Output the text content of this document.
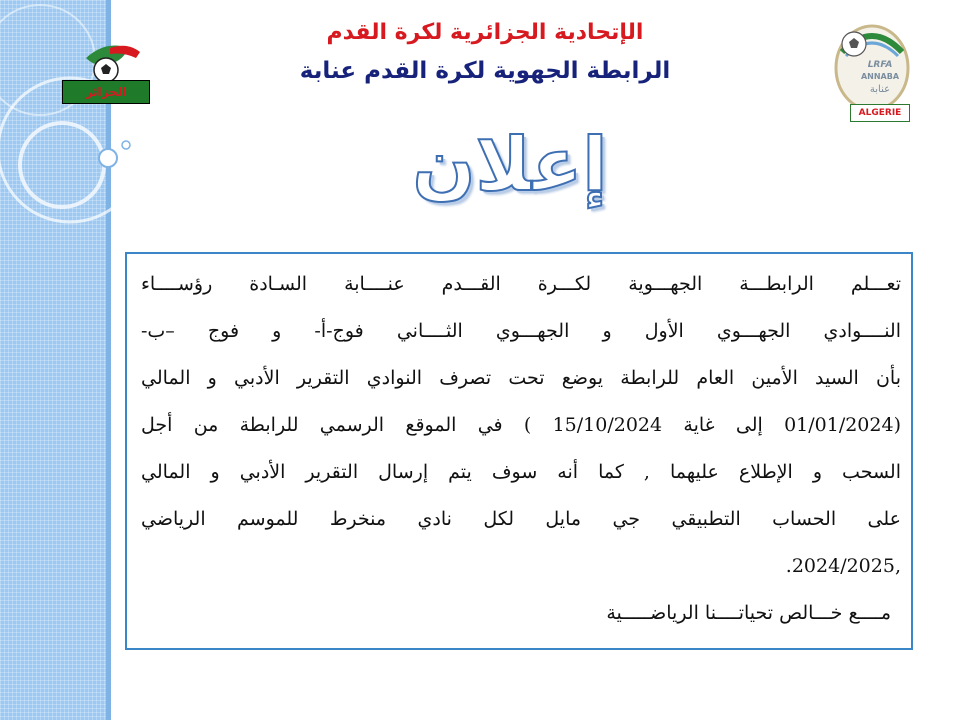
الإتحادية الجزائرية لكرة القدم
الرابطة الجهوية لكرة القدم عنابة
الجزائر
LRFA
ANNABA
عنابة
ALGERIE
إعلان
تعـــلم الرابطـــة الجهـــوية لكـــرة القـــدم عنــــابة السـادة رؤســــاء
النــــوادي الجهـــوي الأول و الجهـــوي الثــــاني فوج-أ- و فوج –ب-
بأن السيد الأمين العام للرابطة يوضع تحت تصرف النوادي التقرير الأدبي و المالي
(01/01/2024 إلى غاية 15/10/2024 ) في الموقع الرسمي للرابطة من أجل
السحب و الإطلاع عليهما , كما أنه سوف يتم إرسال التقرير الأدبي و المالي
على الحساب التطبيقي جي مايل لكل نادي منخرط للموسم الرياضي
,2024/2025.
مــــع خـــالص تحياتــــنا الرياضـــــية
